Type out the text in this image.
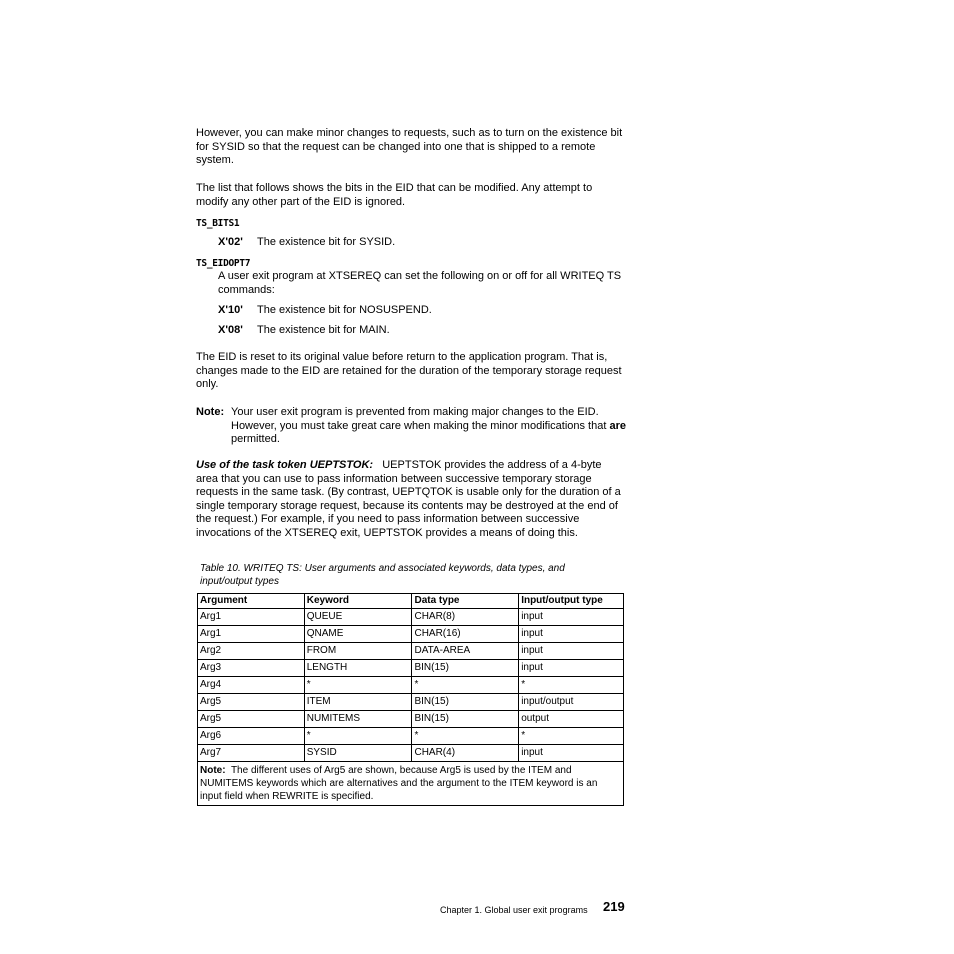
However, you can make minor changes to requests, such as to turn on the existence bit for SYSID so that the request can be changed into one that is shipped to a remote system.

The list that follows shows the bits in the EID that can be modified. Any attempt to modify any other part of the EID is ignored.

TS_BITS1
X'02' The existence bit for SYSID.
TS_EIDOPT7

A user exit program at XTSEREQ can set the following on or off for all WRITEQ TS commands:

X'10' The existence bit for NOSUSPEND.
X'08' The existence bit for MAIN.

The EID is reset to its original value before return to the application program. That is, changes made to the EID are retained for the duration of the temporary storage request only.

Note: Your user exit program is prevented from making major changes to the EID. However, you must take great care when making the minor modifications that are permitted.

Use of the task token UEPTSTOK: UEPTSTOK provides the address of a 4-byte area that you can use to pass information between successive temporary storage requests in the same task. (By contrast, UEPTQTOK is usable only for the duration of a single temporary storage request, because its contents may be destroyed at the end of the request.) For example, if you need to pass information between successive invocations of the XTSEREQ exit, UEPTSTOK provides a means of doing this.

Table 10. WRITEQ TS: User arguments and associated keywords, data types, and input/output types

Argument	Keyword	Data type	Input/output type
Arg1	QUEUE	CHAR(8)	input
Arg1	QNAME	CHAR(16)	input
Arg2	FROM	DATA-AREA	input
Arg3	LENGTH	BIN(15)	input
Arg4	*	*	*
Arg5	ITEM	BIN(15)	input/output
Arg5	NUMITEMS	BIN(15)	output
Arg6	*	*	*
Arg7	SYSID	CHAR(4)	input
Note: The different uses of Arg5 are shown, because Arg5 is used by the ITEM and NUMITEMS keywords which are alternatives and the argument to the ITEM keyword is an input field when REWRITE is specified.			
Chapter 1. Global user exit programs 219
